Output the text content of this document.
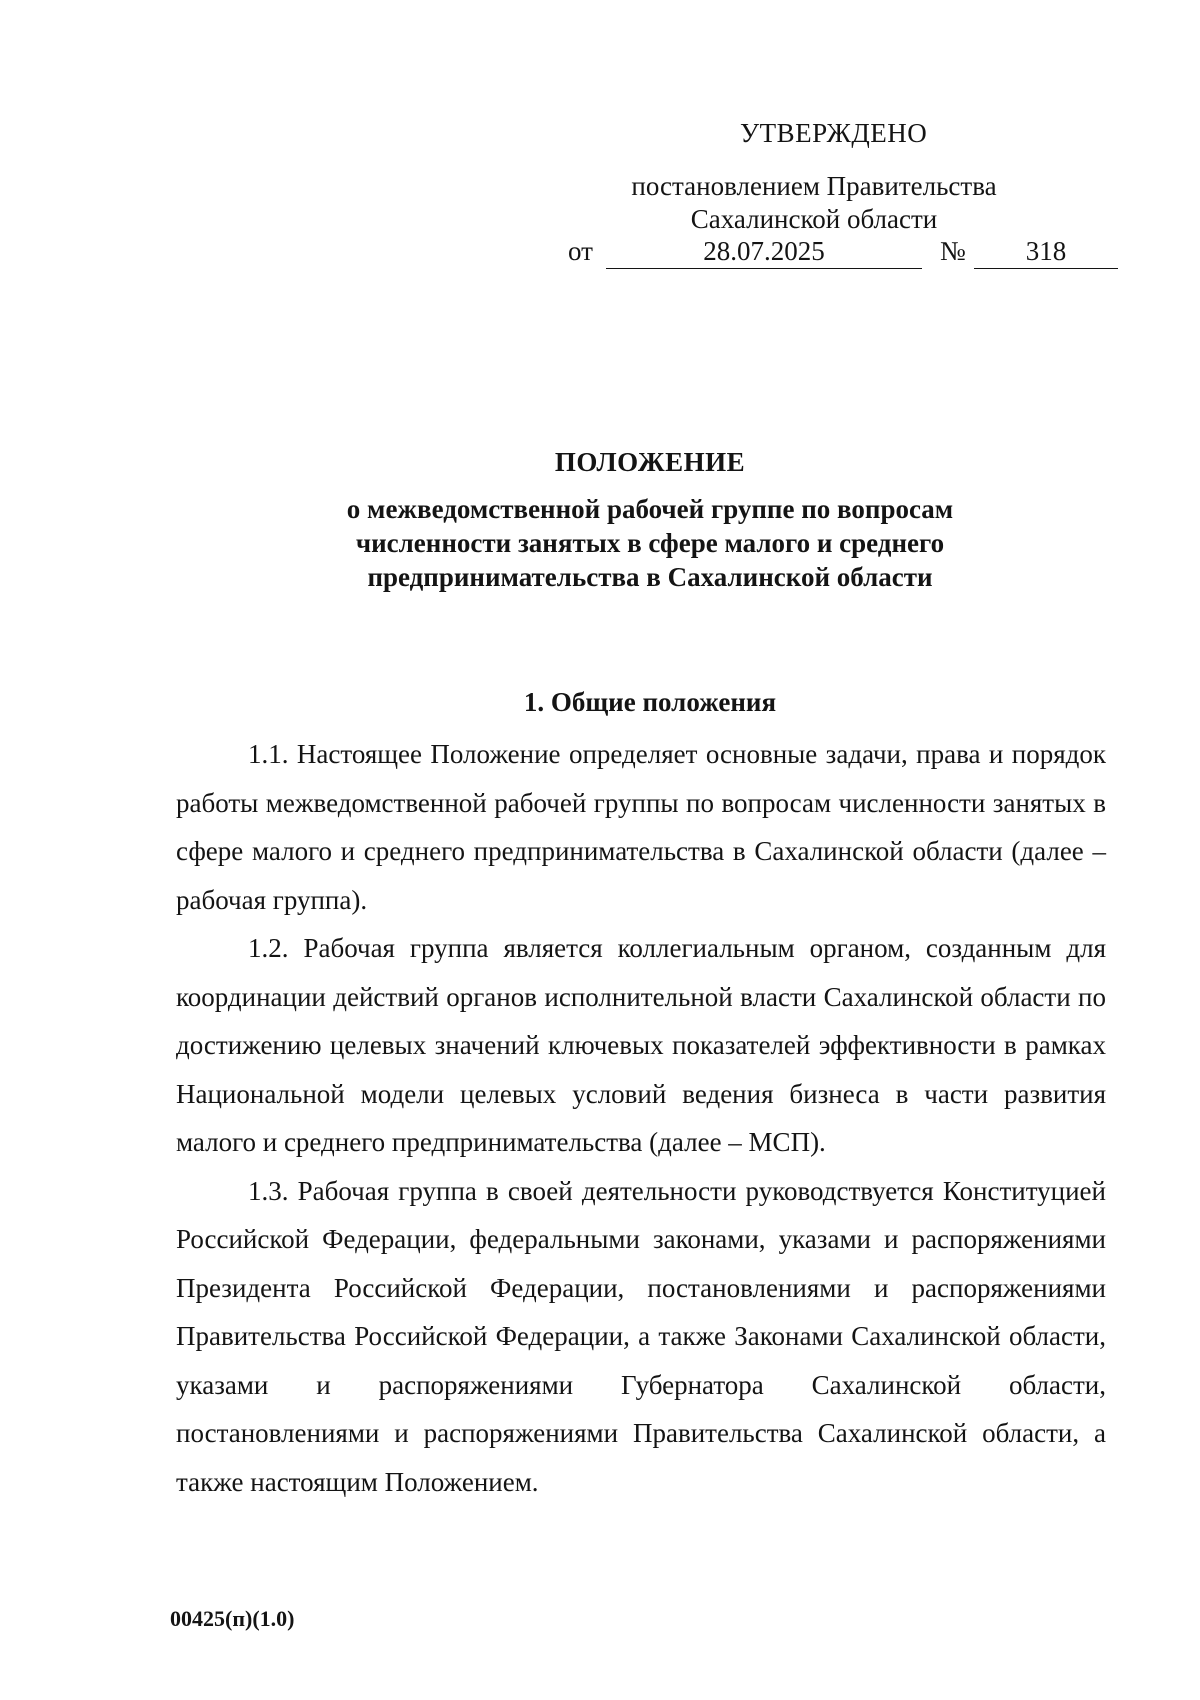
УТВЕРЖДЕНО
постановлением Правительства
Сахалинской области
от	28.07.2025	№	318
ПОЛОЖЕНИЕ
о межведомственной рабочей группе по вопросам
численности занятых в сфере малого и среднего
предпринимательства в Сахалинской области
1. Общие положения

1.1. Настоящее Положение определяет основные задачи, права и порядок работы межведомственной рабочей группы по вопросам численности занятых в сфере малого и среднего предпринимательства в Сахалинской области (далее – рабочая группа).

1.2. Рабочая группа является коллегиальным органом, созданным для координации действий органов исполнительной власти Сахалинской области по достижению целевых значений ключевых показателей эффективности в рамках Национальной модели целевых условий ведения бизнеса в части развития малого и среднего предпринимательства (далее – МСП).

1.3. Рабочая группа в своей деятельности руководствуется Конституцией Российской Федерации, федеральными законами, указами и распоряжениями Президента Российской Федерации, постановлениями и распоряжениями Правительства Российской Федерации, а также Законами Сахалинской области, указами и распоряжениями Губернатора Сахалинской области, постановлениями и распоряжениями Правительства Сахалинской области, а также настоящим Положением.

00425(п)(1.0)
